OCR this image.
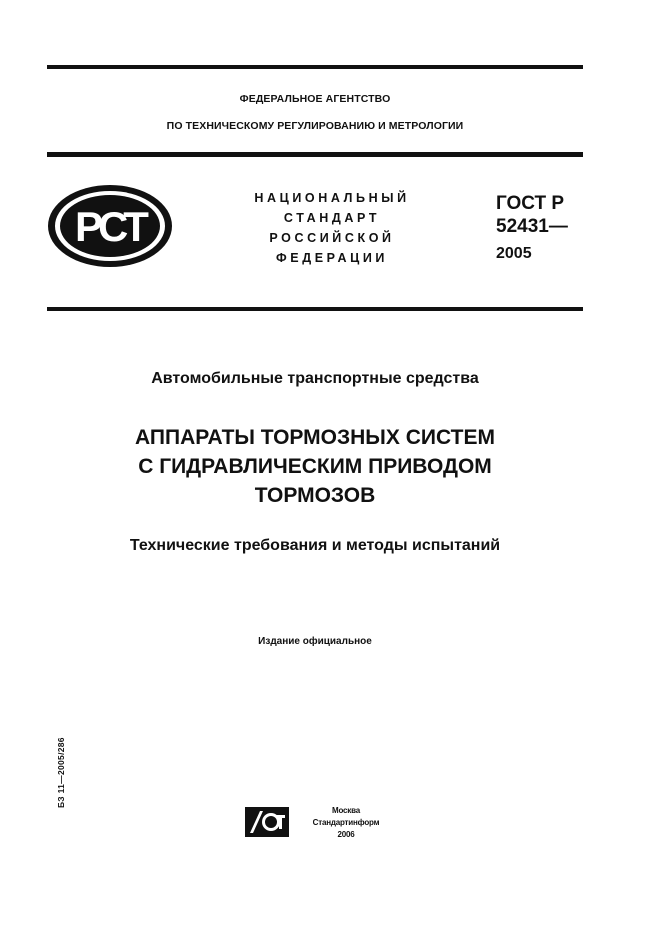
ФЕДЕРАЛЬНОЕ АГЕНТСТВО
ПО ТЕХНИЧЕСКОМУ РЕГУЛИРОВАНИЮ И МЕТРОЛОГИИ
РСТ
НАЦИОНАЛЬНЫЙ
СТАНДАРТ
РОССИЙСКОЙ
ФЕДЕРАЦИИ
ГОСТ Р
52431—
2005
Автомобильные транспортные средства
АППАРАТЫ ТОРМОЗНЫХ СИСТЕМ
С ГИДРАВЛИЧЕСКИМ ПРИВОДОМ
ТОРМОЗОВ
Технические требования и методы испытаний
Издание официальное
БЗ 11—2005/286
Москва
Стандартинформ
2006
